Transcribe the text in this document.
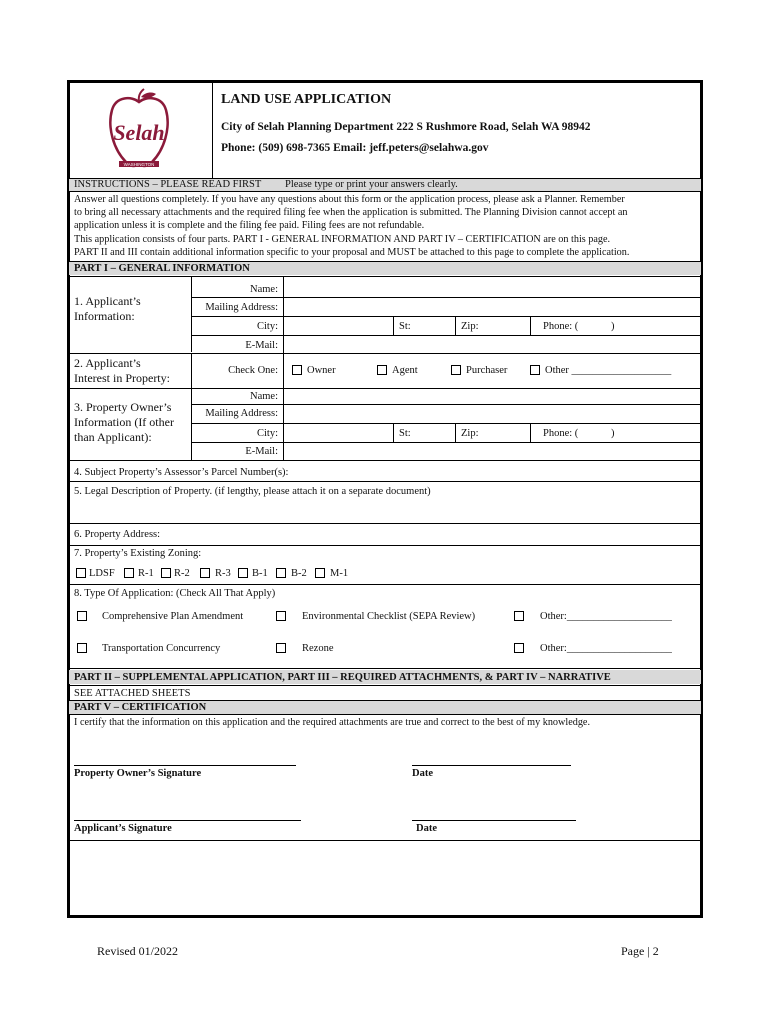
Selah
WASHINGTON
LAND USE APPLICATION
City of Selah Planning Department 222 S Rushmore Road, Selah WA 98942
Phone: (509) 698-7365 Email: jeff.peters@selahwa.gov
INSTRUCTIONS – PLEASE READ FIRST Please type or print your answers clearly.
Answer all questions completely. If you have any questions about this form or the application process, please ask a Planner. Remember
to bring all necessary attachments and the required filing fee when the application is submitted. The Planning Division cannot accept an
application unless it is complete and the filing fee paid. Filing fees are not refundable.
This application consists of four parts. PART I - GENERAL INFORMATION AND PART IV – CERTIFICATION are on this page.
PART II and III contain additional information specific to your proposal and MUST be attached to this page to complete the application.
PART I – GENERAL INFORMATION
1. Applicant’s
Information:
Name:
Mailing Address:
City:	St:	Zip:	Phone: (	)
E-Mail:
2. Applicant’s
Interest in Property:
Check One:	Owner	Agent	Purchaser	Other ___________________
3. Property Owner’s
Information (If other
than Applicant):
Name:
Mailing Address:
City:	St:	Zip:	Phone: (	)
E-Mail:
4. Subject Property’s Assessor’s Parcel Number(s):
5. Legal Description of Property. (if lengthy, please attach it on a separate document)
6. Property Address:
7. Property’s Existing Zoning:
LDSF R-1 R-2 R-3 B-1 B-2 M-1
8. Type Of Application: (Check All That Apply)
Comprehensive Plan Amendment	Environmental Checklist (SEPA Review)	Other:____________________
Transportation Concurrency	Rezone	Other:____________________
PART II – SUPPLEMENTAL APPLICATION, PART III – REQUIRED ATTACHMENTS, & PART IV – NARRATIVE
SEE ATTACHED SHEETS
PART V – CERTIFICATION
I certify that the information on this application and the required attachments are true and correct to the best of my knowledge.
Property Owner’s Signature	Date
Applicant’s Signature	Date
Revised 01/2022	Page | 2
